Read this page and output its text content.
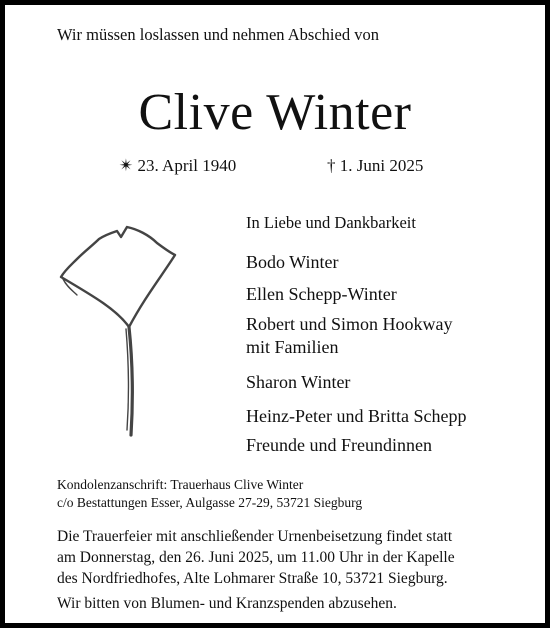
Wir müssen loslassen und nehmen Abschied von
Clive Winter
✴ 23. April 1940	† 1. Juni 2025
In Liebe und Dankbarkeit
Bodo Winter
Ellen Schepp-Winter
Robert und Simon Hookway
mit Familien
Sharon Winter
Heinz-Peter und Britta Schepp
Freunde und Freundinnen
Kondolenzanschrift: Trauerhaus Clive Winter
c/o Bestattungen Esser, Aulgasse 27-29, 53721 Siegburg
Die Trauerfeier mit anschließender Urnenbeisetzung findet statt
am Donnerstag, den 26. Juni 2025, um 11.00 Uhr in der Kapelle
des Nordfriedhofes, Alte Lohmarer Straße 10, 53721 Siegburg.
Wir bitten von Blumen- und Kranzspenden abzusehen.
